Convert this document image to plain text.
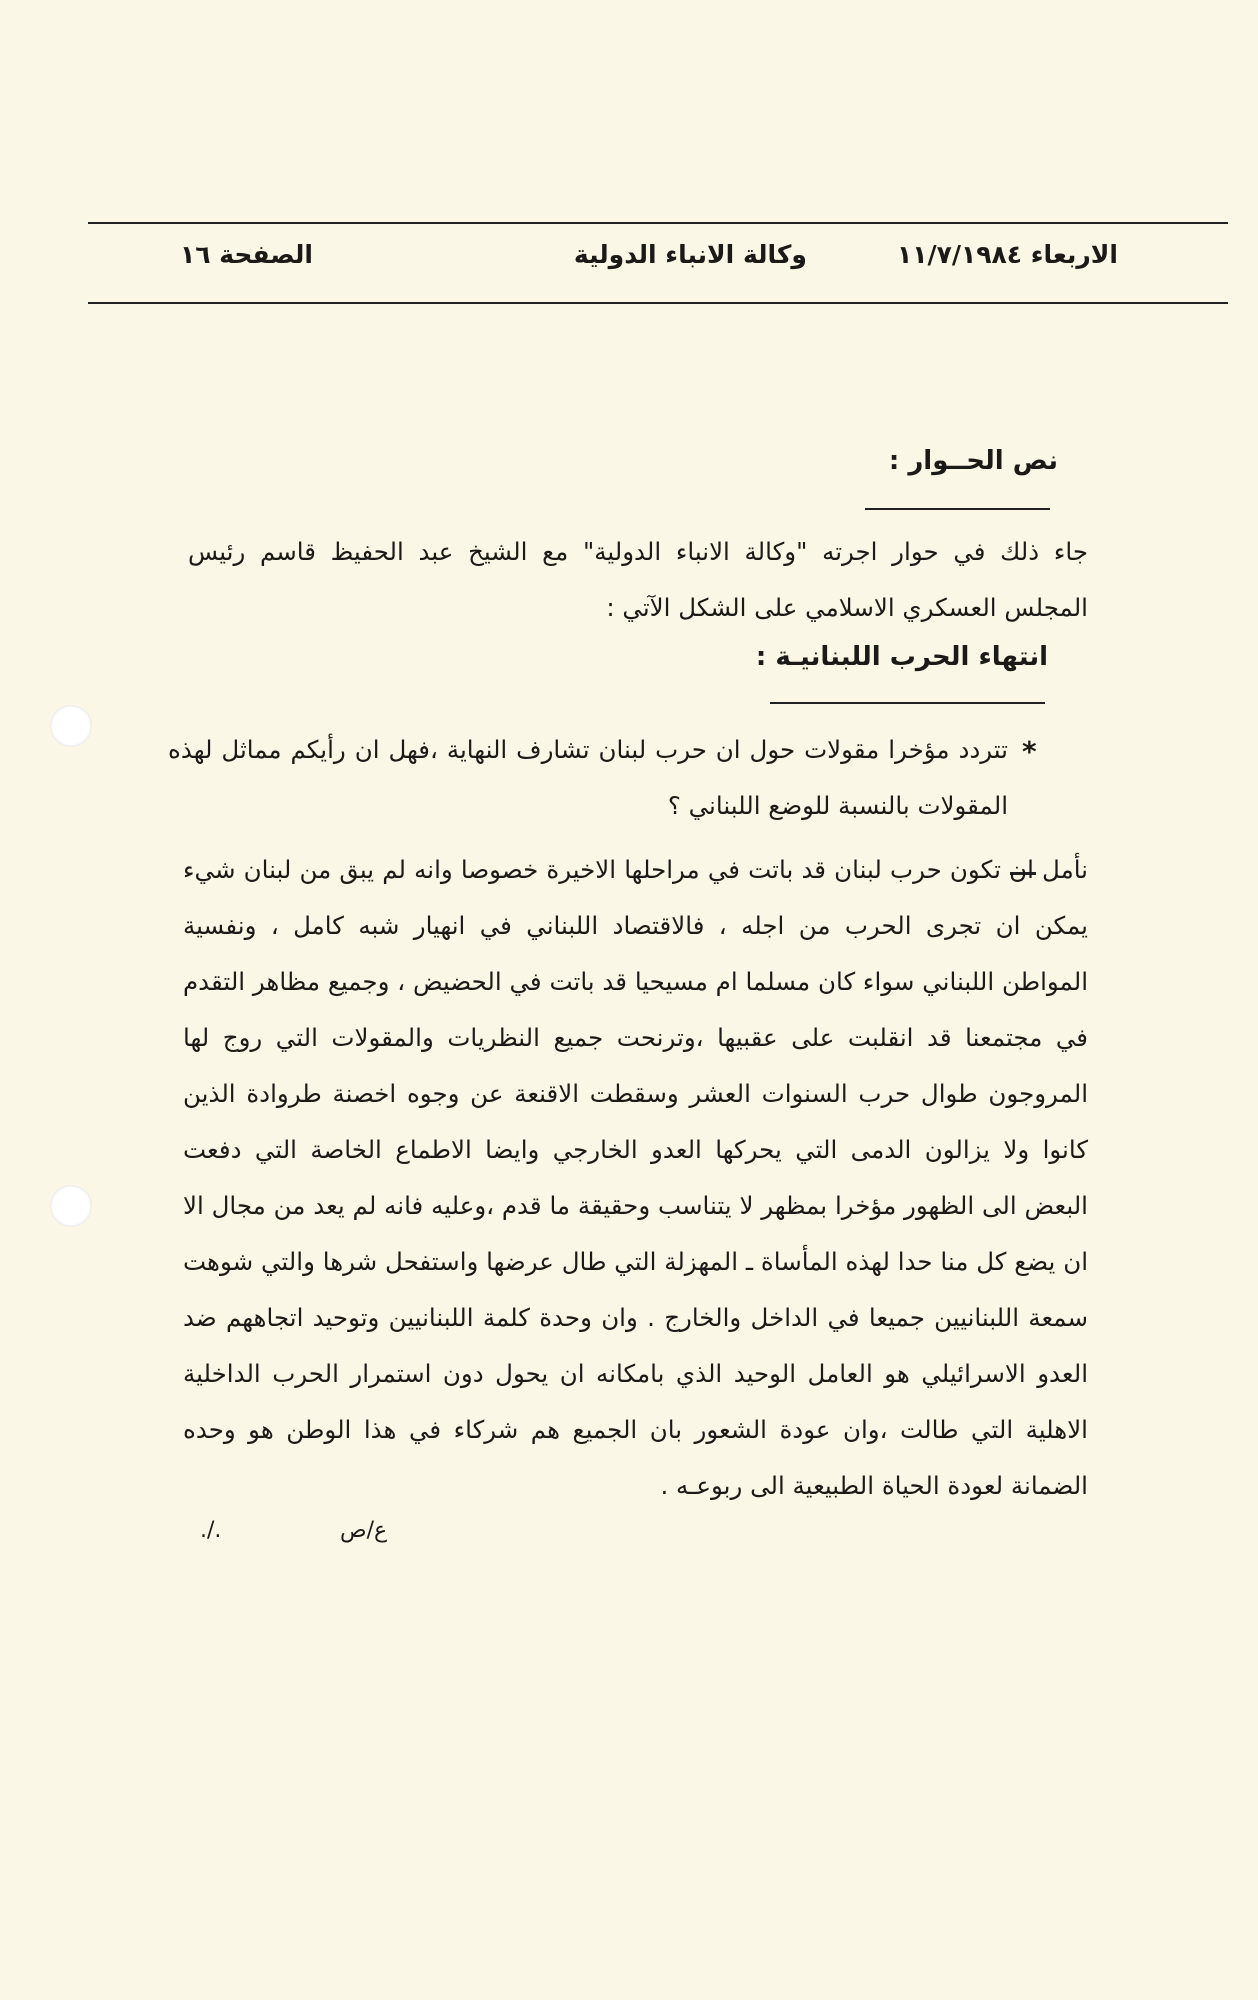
الاربعاء ١١/٧/١٩٨٤
وكالة الانباء الدولية
الصفحة ١٦
نص الحــوار :
جاء ذلك في حوار اجرته "وكالة الانباء الدولية" مع الشيخ عبد الحفيظ قاسم رئيس المجلس العسكري الاسلامي على الشكل الآتي :
انتهاء الحرب اللبنانيـة :
*
تتردد مؤخرا مقولات حول ان حرب لبنان تشارف النهاية ،فهل ان رأيكم مماثل لهذه المقولات بالنسبة للوضع اللبناني ؟
نأمل ان تكون حرب لبنان قد باتت في مراحلها الاخيرة خصوصا وانه لم يبق من لبنان شيء يمكن ان تجرى الحرب من اجله ، فالاقتصاد اللبناني في انهيار شبه كامل ، ونفسية المواطن اللبناني سواء كان مسلما ام مسيحيا قد باتت في الحضيض ، وجميع مظاهر التقدم في مجتمعنا قد انقلبت على عقبيها ،وترنحت جميع النظريات والمقولات التي روج لها المروجون طوال حرب السنوات العشر وسقطت الاقنعة عن وجوه اخصنة طروادة الذين كانوا ولا يزالون الدمى التي يحركها العدو الخارجي وايضا الاطماع الخاصة التي دفعت البعض الى الظهور مؤخرا بمظهر لا يتناسب وحقيقة ما قدم ،وعليه فانه لم يعد من مجال الا ان يضع كل منا حدا لهذه المأساة ـ المهزلة التي طال عرضها واستفحل شرها والتي شوهت سمعة اللبنانيين جميعا في الداخل والخارج . وان وحدة كلمة اللبنانيين وتوحيد اتجاههم ضد العدو الاسرائيلي هو العامل الوحيد الذي بامكانه ان يحول دون استمرار الحرب الداخلية الاهلية التي طالت ،وان عودة الشعور بان الجميع هم شركاء في هذا الوطن هو وحده الضمانة لعودة الحياة الطبيعية الى ربوعـه .
ع/ص
./.
